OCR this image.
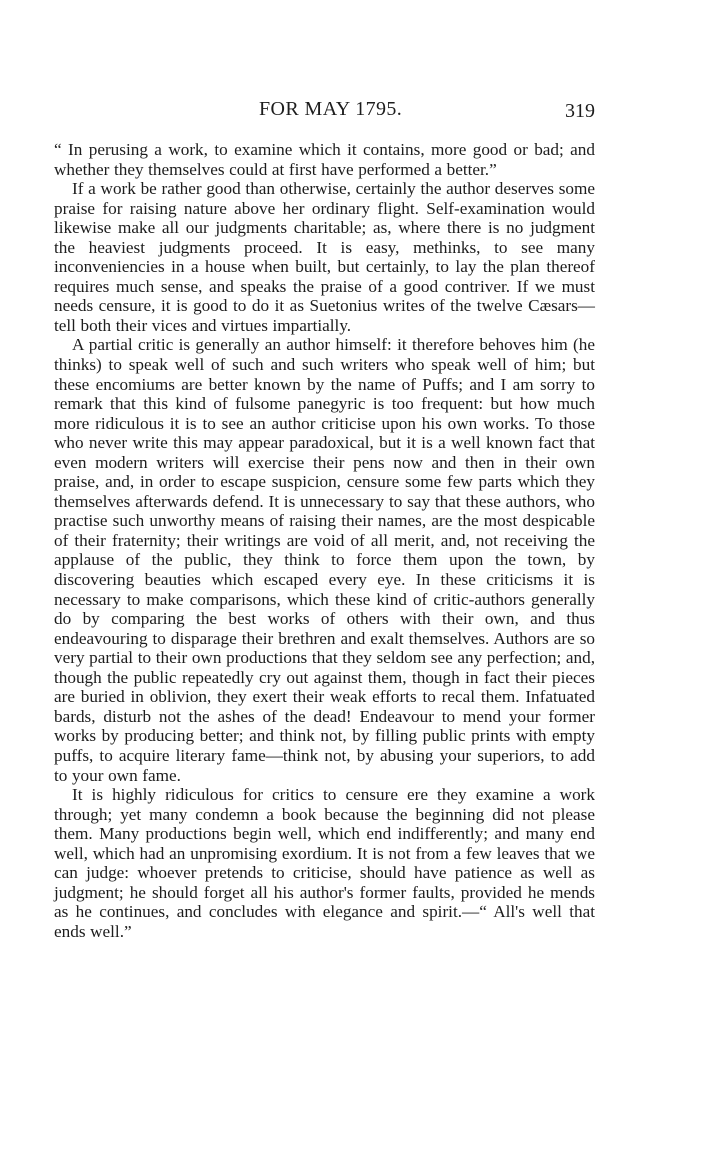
FOR MAY 1795.	319

“ In perusing a work, to examine which it contains, more good or bad; and whether they themselves could at first have performed a better.”

If a work be rather good than otherwise, certainly the author deserves some praise for raising nature above her ordinary flight. Self-examination would likewise make all our judgments charitable; as, where there is no judgment the heaviest judgments proceed. It is easy, methinks, to see many inconveniencies in a house when built, but certainly, to lay the plan thereof requires much sense, and speaks the praise of a good contriver. If we must needs censure, it is good to do it as Suetonius writes of the twelve Cæsars—tell both their vices and virtues impartially.

A partial critic is generally an author himself: it therefore behoves him (he thinks) to speak well of such and such writers who speak well of him; but these encomiums are better known by the name of Puffs; and I am sorry to remark that this kind of fulsome panegyric is too frequent: but how much more ridiculous it is to see an author criticise upon his own works. To those who never write this may appear paradoxical, but it is a well known fact that even modern writers will exercise their pens now and then in their own praise, and, in order to escape suspicion, censure some few parts which they themselves afterwards defend. It is unnecessary to say that these authors, who practise such unworthy means of raising their names, are the most despicable of their fraternity; their writings are void of all merit, and, not receiving the applause of the public, they think to force them upon the town, by discovering beauties which escaped every eye. In these criticisms it is necessary to make comparisons, which these kind of critic-authors generally do by comparing the best works of others with their own, and thus endeavouring to disparage their brethren and exalt themselves. Authors are so very partial to their own productions that they seldom see any perfection; and, though the public repeatedly cry out against them, though in fact their pieces are buried in oblivion, they exert their weak efforts to recal them. Infatuated bards, disturb not the ashes of the dead! Endeavour to mend your former works by producing better; and think not, by filling public prints with empty puffs, to acquire literary fame—think not, by abusing your superiors, to add to your own fame.

It is highly ridiculous for critics to censure ere they examine a work through; yet many condemn a book because the beginning did not please them. Many productions begin well, which end indifferently; and many end well, which had an unpromising exordium. It is not from a few leaves that we can judge: whoever pretends to criticise, should have patience as well as judgment; he should forget all his author's former faults, provided he mends as he continues, and concludes with elegance and spirit.—“ All's well that ends well.”
